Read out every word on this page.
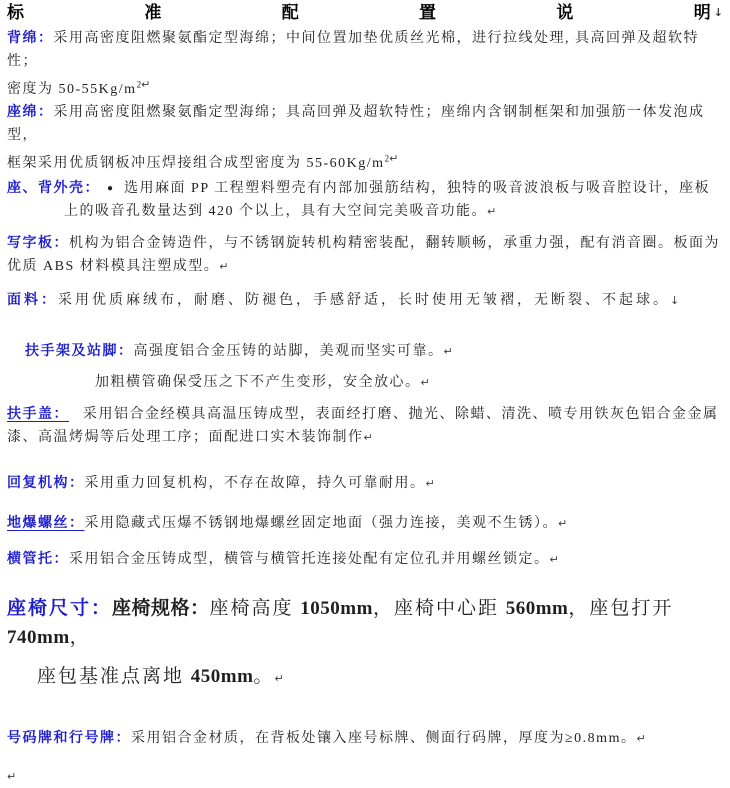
标	准	配	置	说	明 ↓

背绵：采用高密度阻燃聚氨酯定型海绵；中间位置加垫优质丝光棉，进行拉线处理, 具高回弹及超软特性；
密度为 $50-55Kg/m^{2↵}$

座绵：采用高密度阻燃聚氨酯定型海绵；具高回弹及超软特性；座绵内含钢制框架和加强筋一体发泡成型，
框架采用优质钢板冲压焊接组合成型密度为 $55-60Kg/m^{2↵}$

座、背外壳： ● 选用麻面 PP 工程塑料塑壳有内部加强筋结构，独特的吸音波浪板与吸音腔设计，座板
上的吸音孔数量达到 420 个以上，具有大空间完美吸音功能。↵

写字板：机构为铝合金铸造件，与不锈钢旋转机构精密装配，翻转顺畅，承重力强，配有消音圈。板面为
优质 ABS 材料模具注塑成型。↵

面料：采用优质麻绒布，耐磨、防褪色，手感舒适，长时使用无皱褶，无断裂、不起球。↓

扶手架及站脚：高强度铝合金压铸的站脚，美观而坚实可靠。↵

加粗横管确保受压之下不产生变形，安全放心。↵

扶手盖： 采用铝合金经模具高温压铸成型，表面经打磨、抛光、除蜡、清洗、喷专用铁灰色铝合金金属
漆、高温烤焗等后处理工序；面配进口实木装饰制作↵

回复机构：采用重力回复机构，不存在故障，持久可靠耐用。↵

地爆螺丝：采用隐藏式压爆不锈钢地爆螺丝固定地面（强力连接，美观不生锈）。↵

横管托：采用铝合金压铸成型，横管与横管托连接处配有定位孔并用螺丝锁定。↵

座椅尺寸：座椅规格：座椅高度 1050mm，座椅中心距 560mm，座包打开 740mm，

座包基准点离地 450mm。↵

号码牌和行号牌：采用铝合金材质，在背板处镶入座号标牌、侧面行码牌，厚度为≥0.8mm。↵

↵
